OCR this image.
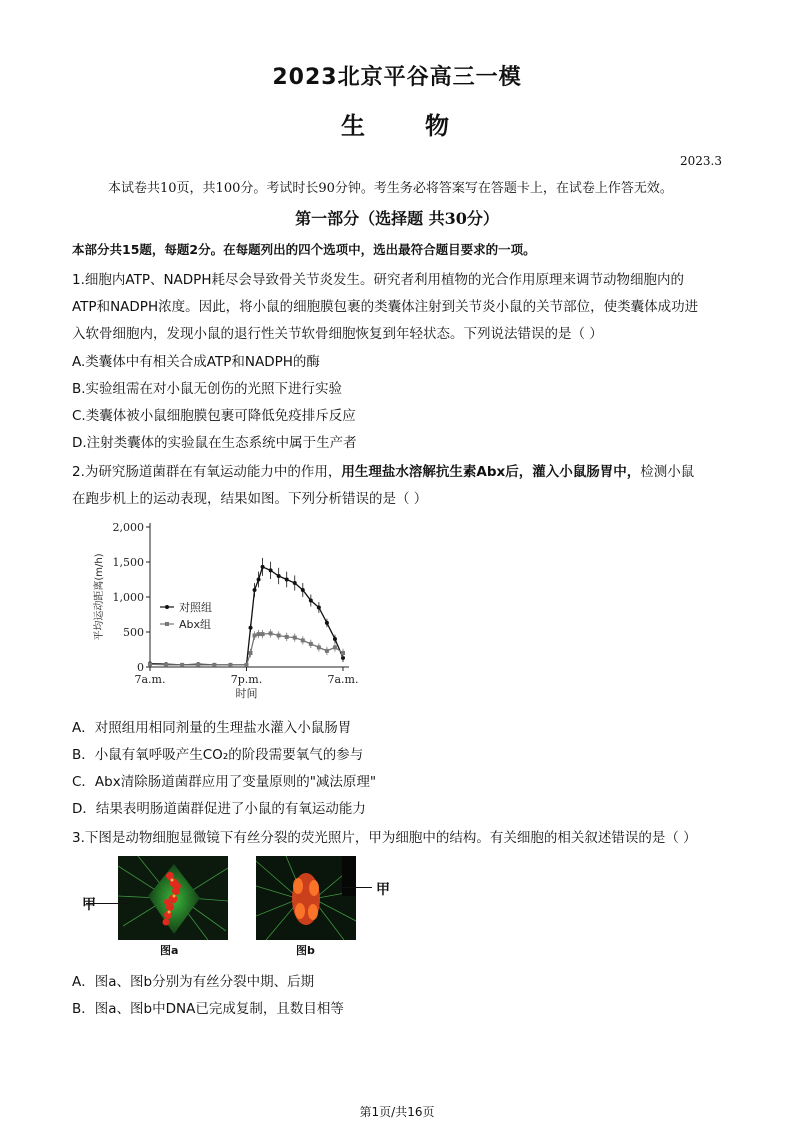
2023北京平谷高三一模
生　　物
2023.3
本试卷共10页，共100分。考试时长90分钟。考生务必将答案写在答题卡上，在试卷上作答无效。
第一部分（选择题 共30分）
本部分共15题，每题2分。在每题列出的四个选项中，选出最符合题目要求的一项。
1.细胞内ATP、NADPH耗尽会导致骨关节炎发生。研究者利用植物的光合作用原理来调节动物细胞内的
ATP和NADPH浓度。因此，将小鼠的细胞膜包裹的类囊体注射到关节炎小鼠的关节部位，使类囊体成功进
入软骨细胞内，发现小鼠的退行性关节软骨细胞恢复到年轻状态。下列说法错误的是（ ）
A.类囊体中有相关合成ATP和NADPH的酶
B.实验组需在对小鼠无创伤的光照下进行实验
C.类囊体被小鼠细胞膜包裹可降低免疫排斥反应
D.注射类囊体的实验鼠在生态系统中属于生产者
2.为研究肠道菌群在有氧运动能力中的作用，用生理盐水溶解抗生素Abx后，灌入小鼠肠胃中，检测小鼠
在跑步机上的运动表现，结果如图。下列分析错误的是（ ）
0
500
1,000
1,500
2,000
7a.m.	7p.m.	7a.m.
时间
平均运动距离(m/h)	对照组
Abx组
A．对照组用相同剂量的生理盐水灌入小鼠肠胃
B．小鼠有氧呼吸产生CO₂的阶段需要氧气的参与
C．Abx清除肠道菌群应用了变量原则的"减法原理"
D．结果表明肠道菌群促进了小鼠的有氧运动能力
3.下图是动物细胞显微镜下有丝分裂的荧光照片，甲为细胞中的结构。有关细胞的相关叙述错误的是（ ）
甲
图a
甲
图b
A．图a、图b分别为有丝分裂中期、后期
B．图a、图b中DNA已完成复制，且数目相等
第1页/共16页
